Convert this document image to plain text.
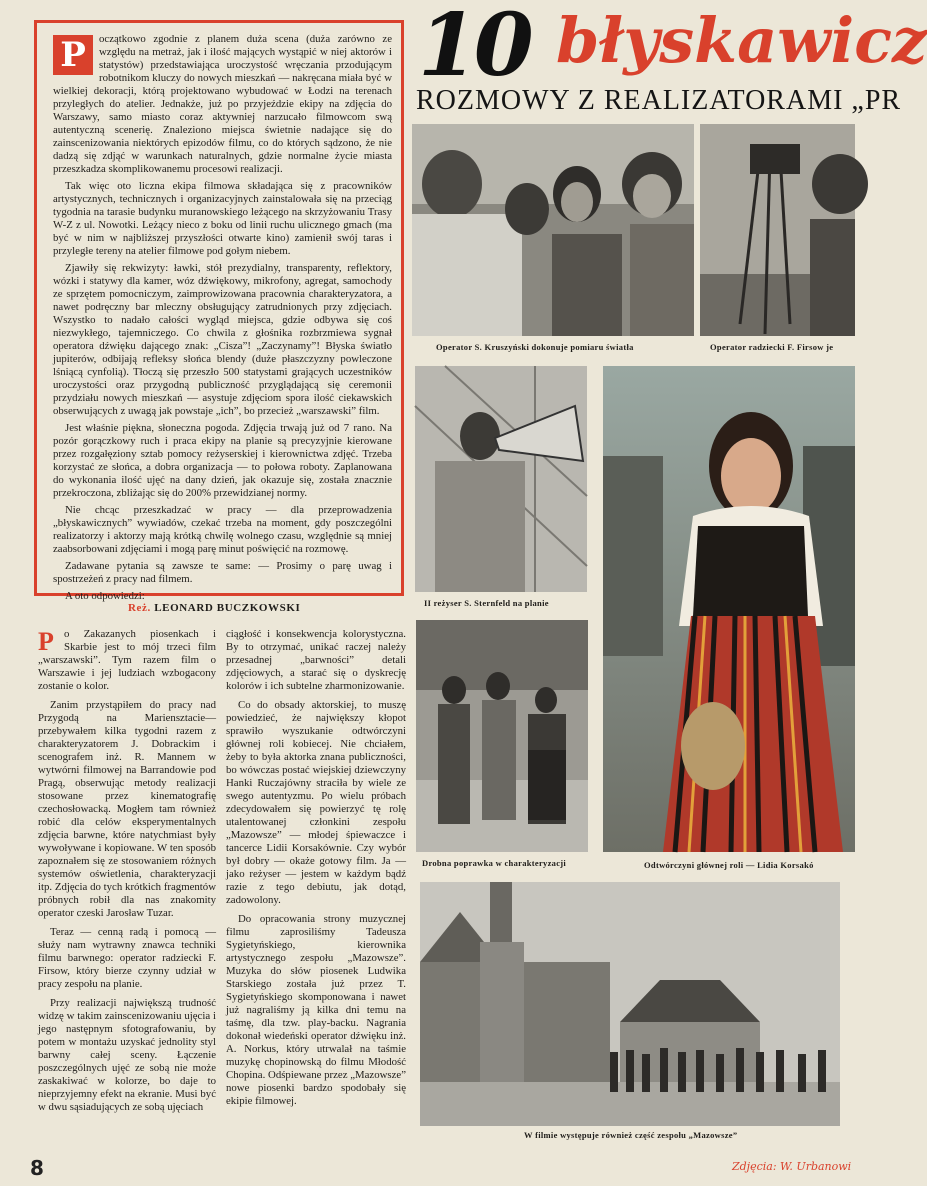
10 błyskawicz
ROZMOWY Z REALIZATORAMI „PR
P	oczątkowo zgodnie z planem duża scena (duża zarówno ze względu na metraż, jak i ilość mających wystąpić w niej aktorów i statystów) przedstawiająca uroczystość wręczania przodującym robotnikom kluczy do nowych mieszkań — nakręcana miała być w wielkiej dekoracji, którą projektowano wybudować w Łodzi na terenach przyległych do atelier. Jednakże, już po przyjeździe ekipy na zdjęcia do Warszawy, samo miasto coraz aktywniej narzucało filmowcom swą autentyczną scenerię. Znaleziono miejsca świetnie nadające się do zainscenizowania niektórych epizodów filmu, co do których sądzono, że nie dadzą się zdjąć w warunkach naturalnych, gdzie normalne życie miasta przeszkadza skomplikowanemu procesowi realizacji.

Tak więc oto liczna ekipa filmowa składająca się z pracowników artystycznych, technicznych i organizacyjnych zainstalowała się na przeciąg tygodnia na tarasie budynku muranowskiego leżącego na skrzyżowaniu Trasy W-Z z ul. Nowotki. Leżący nieco z boku od linii ruchu ulicznego gmach (ma być w nim w najbliższej przyszłości otwarte kino) zamienił swój taras i przyległe tereny na atelier filmowe pod gołym niebem.

Zjawiły się rekwizyty: ławki, stół prezydialny, transparenty, reflektory, wózki i statywy dla kamer, wóz dźwiękowy, mikrofony, agregat, samochody ze sprzętem pomocniczym, zaimprowizowana pracownia charakteryzatora, a nawet podręczny bar mleczny obsługujący zatrudnionych przy zdjęciach. Wszystko to nadało całości wygląd miejsca, gdzie odbywa się coś niezwykłego, tajemniczego. Co chwila z głośnika rozbrzmiewa sygnał operatora dźwięku dającego znak: „Cisza”! „Zaczynamy”! Błyska światło jupiterów, odbijają refleksy słońca blendy (duże płaszczyzny powleczone lśniącą cynfolią). Tłoczą się przeszło 500 statystami grających uczestników uroczystości oraz przygodną publiczność przyglądającą się ceremonii przydziału nowych mieszkań — asystuje zdjęciom spora ilość ciekawskich obserwujących z uwagą jak powstaje „ich”, bo przecież „warszawski” film.

Jest właśnie piękna, słoneczna pogoda. Zdjęcia trwają już od 7 rano. Na pozór gorączkowy ruch i praca ekipy na planie są precyzyjnie kierowane przez rozgałęziony sztab pomocy reżyserskiej i kierownictwa zdjęć. Trzeba korzystać ze słońca, a dobra organizacja — to połowa roboty. Zaplanowana do wykonania ilość ujęć na dany dzień, jak okazuje się, została znacznie przekroczona, zbliżając się do 200% przewidzianej normy.

Nie chcąc przeszkadzać w pracy — dla przeprowadzenia „błyskawicznych” wywiadów, czekać trzeba na moment, gdy poszczególni realizatorzy i aktorzy mają krótką chwilę wolnego czasu, względnie są mniej zaabsorbowani zdjęciami i mogą parę minut poświęcić na rozmowę.

Zadawane pytania są zawsze te same: — Prosimy o parę uwag i spostrzeżeń z pracy nad filmem.

A oto odpowiedzi:

Reż. LEONARD BUCZKOWSKI
P o Zakazanych piosenkach i Skarbie jest to mój trzeci film „warszawski”. Tym razem film o Warszawie i jej ludziach wzbogacony zostanie o kolor.

Zanim przystąpiłem do pracy nad Przygodą na Mariensztacie— przebywałem kilka tygodni razem z charakteryzatorem J. Dobrackim i scenografem inż. R. Mannem w wytwórni filmowej na Barrandowie pod Pragą, obserwując metody realizacji stosowane przez kinematografię czechosłowacką. Mogłem tam również robić dla celów eksperymentalnych zdjęcia barwne, które natychmiast były wywoływane i kopiowane. W ten sposób zapoznałem się ze stosowaniem różnych systemów oświetlenia, charakteryzacji itp. Zdjęcia do tych krótkich fragmentów próbnych robił dla nas znakomity operator czeski Jarosław Tuzar.

Teraz — cenną radą i pomocą — służy nam wytrawny znawca techniki filmu barwnego: operator radziecki F. Firsow, który bierze czynny udział w pracy zespołu na planie.

Przy realizacji największą trudność widzę w takim zainscenizowaniu ujęcia i jego następnym sfotografowaniu, by potem w montażu uzyskać jednolity styl barwny całej sceny. Łączenie poszczególnych ujęć ze sobą nie może zaskakiwać w kolorze, bo daje to nieprzyjemny efekt na ekranie. Musi być w dwu sąsiadujących ze sobą ujęciach

ciągłość i konsekwencja kolorystyczna. By to otrzymać, unikać raczej należy przesadnej „barwności” detali zdjęciowych, a starać się o dyskrecję kolorów i ich subtelne zharmonizowanie.

Co do obsady aktorskiej, to muszę powiedzieć, że największy kłopot sprawiło wyszukanie odtwórczyni głównej roli kobiecej. Nie chciałem, żeby to była aktorka znana publiczności, bo wówczas postać wiejskiej dziewczyny Hanki Ruczajówny straciła by wiele ze swego autentyzmu. Po wielu próbach zdecydowałem się powierzyć tę rolę utalentowanej członkini zespołu „Mazowsze” — młodej śpiewaczce i tancerce Lidii Korsakównie. Czy wybór był dobry — okaże gotowy film. Ja — jako reżyser — jestem w każdym bądź razie z tego debiutu, jak dotąd, zadowolony.

Do opracowania strony muzycznej filmu zaprosiliśmy Tadeusza Sygietyńskiego, kierownika artystycznego zespołu „Mazowsze”. Muzyka do słów piosenek Ludwika Starskiego została już przez T. Sygietyńskiego skomponowana i nawet już nagraliśmy ją kilka dni temu na taśmę, dla tzw. play-backu. Nagrania dokonał wiedeński operator dźwięku inż. A. Norkus, który utrwalał na taśmie muzykę chopinowską do filmu Młodość Chopina. Odśpiewane przez „Mazowsze” nowe piosenki bardzo spodobały się ekipie filmowej.

Operator S. Kruszyński dokonuje pomiaru światła	Operator radziecki F. Firsow je
II reżyser S. Sternfeld na planie
Drobna poprawka w charakteryzacji	Odtwórczyni głównej roli — Lidia Korsakó
W filmie występuje również część zespołu „Mazowsze”
8	Zdjęcia: W. Urbanowi
